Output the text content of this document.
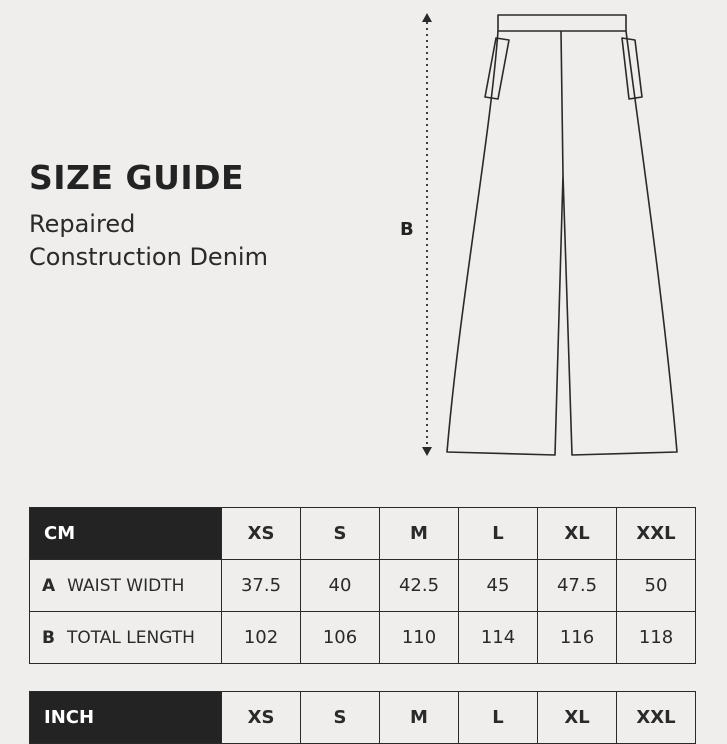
SIZE GUIDE
Repaired
Construction Denim
B
CM	XS	S	M	L	XL	XXL
A WAIST WIDTH	37.5	40	42.5	45	47.5	50
B TOTAL LENGTH	102	106	110	114	116	118
INCH	XS	S	M	L	XL	XXL
